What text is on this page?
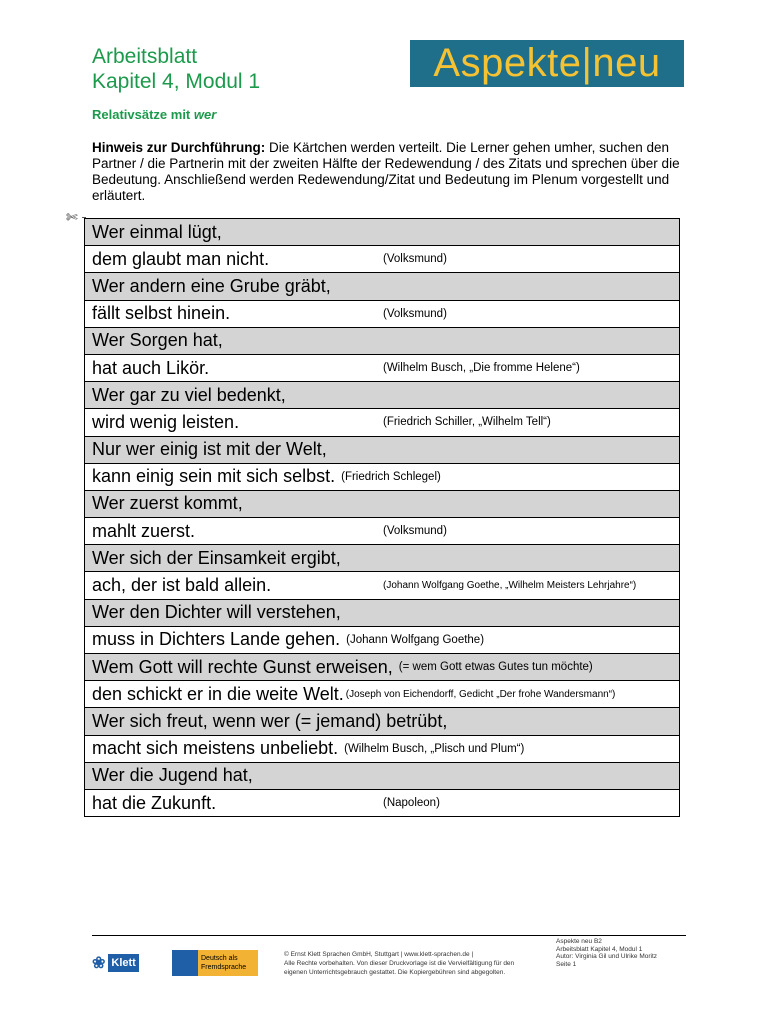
Arbeitsblatt
Kapitel 4, Modul 1	Aspekte|neu
Relativsätze mit wer
Hinweis zur Durchführung: Die Kärtchen werden verteilt. Die Lerner gehen umher, suchen den Partner / die Partnerin mit der zweiten Hälfte der Redewendung / des Zitats und sprechen über die Bedeutung. Anschließend werden Redewendung/Zitat und Bedeutung im Plenum vorgestellt und erläutert.
✄
Wer einmal lügt,
dem glaubt man nicht.	(Volksmund)
Wer andern eine Grube gräbt,
fällt selbst hinein.	(Volksmund)
Wer Sorgen hat,
hat auch Likör.	(Wilhelm Busch, „Die fromme Helene“)
Wer gar zu viel bedenkt,
wird wenig leisten.	(Friedrich Schiller, „Wilhelm Tell“)
Nur wer einig ist mit der Welt,
kann einig sein mit sich selbst. (Friedrich Schlegel)
Wer zuerst kommt,
mahlt zuerst.	(Volksmund)
Wer sich der Einsamkeit ergibt,
ach, der ist bald allein.	(Johann Wolfgang Goethe, „Wilhelm Meisters Lehrjahre“)
Wer den Dichter will verstehen,
muss in Dichters Lande gehen. (Johann Wolfgang Goethe)
Wem Gott will rechte Gunst erweisen, (= wem Gott etwas Gutes tun möchte)
den schickt er in die weite Welt. (Joseph von Eichendorff, Gedicht „Der frohe Wandersmann“)
Wer sich freut, wenn wer (= jemand) betrübt,
macht sich meistens unbeliebt. (Wilhelm Busch, „Plisch und Plum“)
Wer die Jugend hat,
hat die Zukunft.	(Napoleon)
❀ Klett	Deutsch als
Fremdsprache
© Ernst Klett Sprachen GmbH, Stuttgart | www.klett-sprachen.de |
Alle Rechte vorbehalten. Von dieser Druckvorlage ist die Vervielfältigung für den
eigenen Unterrichtsgebrauch gestattet. Die Kopiergebühren sind abgegolten.
Aspekte neu B2
Arbeitsblatt Kapitel 4, Modul 1
Autor: Virginia Gil und Ulrike Moritz
Seite 1
